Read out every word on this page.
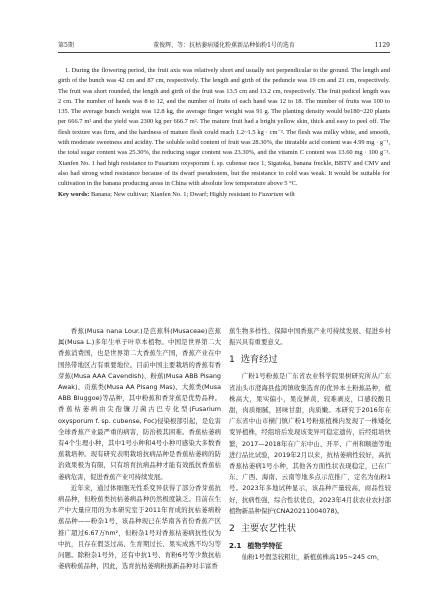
第5期	董俊辉，等：抗枯萎病矮化粉蕉新品种仙粉1号的选育	1129

1. During the flowering period, the fruit axis was relatively short and usually not perpendicular to the ground. The length and girth of the bunch was 42 cm and 87 cm, respectively. The length and girth of the peduncle was 19 cm and 21 cm, respectively. The fruit was short rounded, the length and girth of the fruit was 13.5 cm and 13.2 cm, respectively. The fruit pedicel length was 2 cm. The number of hands was 8 to 12, and the number of fruits of each hand was 12 to 18. The number of fruits was 100 to 135. The average bunch weight was 12.8 kg, the average finger weight was 91 g. The planting density would be180~220 plants per 666.7 m² and the yield was 2300 kg per 666.7 m². The mature fruit had a bright yellow skin, thick and easy to peel off. The flesh texture was firm, and the hardness of mature flesh could reach 1.2~1.5 kg · cm⁻². The flesh was milky white, and smooth, with moderate sweetness and acidity. The soluble solid content of fruit was 28.30%, the titratable acid content was 4.99 mg · g⁻¹, the total sugar content was 25.30%, the reducing sugar content was 23.30%, and the vitamin C content was 13.60 mg · 100 g⁻¹. Xianfen No. 1 had high resistance to Fusarium oxysporum f. sp. cubense race 1, Sigatoka, banana freckle, BBTV and CMV and also had strong wind resistance because of its dwarf pseudostem, but the resistance to cold was weak. It would be suitable for cultivation in the banana producing areas in China with absolute low temperature above 5 °C.

Key words: Banana; New cultivar; Xianfen No. 1; Dwarf; Highly resistant to Fuzarium wilt

香蕉(Musa nana Lour.)是芭蕉科(Musaceae)芭蕉属(Musa L.)多年生单子叶草本植物。中国是世界第二大香蕉消费国，也是世界第二大香蕉生产国，香蕉产业在中国热带地区占有重要地位。目前中国主要栽培的香蕉有香芽蕉(Musa AAA Cavendish)、粉蕉(Musa ABB Pisang Awak)、贡蕉类(Musa AA Pisang Mas)、大蕉类(Musa ABB Bluggoe)等品种，其中粉蕉和香芽蕉是优势品种。香蕉枯萎病由尖孢镰刀菌古巴专化型(Fusarium oxysporum f. sp. cubense, Foc)侵染根部引起，是危害全球香蕉产业最严重的病害，防治极其困难。香蕉枯萎病有4个生理小种，其中1号小种和4号小种可感染大多数香蕉栽培种。现有研究表明栽培抗病品种是香蕉枯萎病的防治效果极为有限，只有培育抗病品种才能有效抵抗香蕉枯萎病危害，促进香蕉产业可持续发展。

近年来，通过体细胞无性系变异获得了部分香芽蕉抗病品种，但粉蕉类抗枯萎病品种仍然极度缺乏。目前在生产中大量应用的为本研究室于2011年育成的抗枯萎病粉蕉品种——粉杂1号，该品种现已在华南各省份香蕉产区推广超过6.67万hm²，但粉杂1号对香蕉枯萎病抗性仅为中抗，且存在假茎过高、生育期过长、果实成熟不均匀等问题。除粉杂1号外，还有中抗1号、育粉6号等少数抗枯萎病粉蕉品种，因此，选育抗枯萎病粉蕉新品种对丰富香

蕉生物多样性、保障中国香蕉产业可持续发展、促进乡村振兴具有重要意义。

1 选育经过

广粉1号粉蕉是广东省农业科学院果树研究所从广东省汕头市澄海县盐鸿镇收集选育的优异本土粉蕉品种，植株高大，果实偏小，果皮鲜黄，较难剥皮，口感较酸且甜，肉质细腻，回味甘甜，肉质嫩。本研究于2016年在广东省中山市横门镇广粉1号粉蕉植株内发现了一株矮化变异植株，经组培后发现该变异可稳定遗传，后经组培快繁，2017—2018年在广东中山、开平、广州和顺德等地进行品比试验，2019年2月以来，抗枯萎病性较好，高抗香蕉枯萎病1号小种，其他各方面性状表现稳定，已在广东、广西、海南、云南等地多点示范推广，定名为仙粉1号。2023年多地试种显示，该品种产量较高，商品性较好，抗病性强，综合性状优良，2023年4月获农业农村部植物新品种保护(CNA20211004078)。

2 主要农艺性状
2.1 植物学特征

仙粉1号假茎较粗壮，新植蕉株高195~245 cm，
